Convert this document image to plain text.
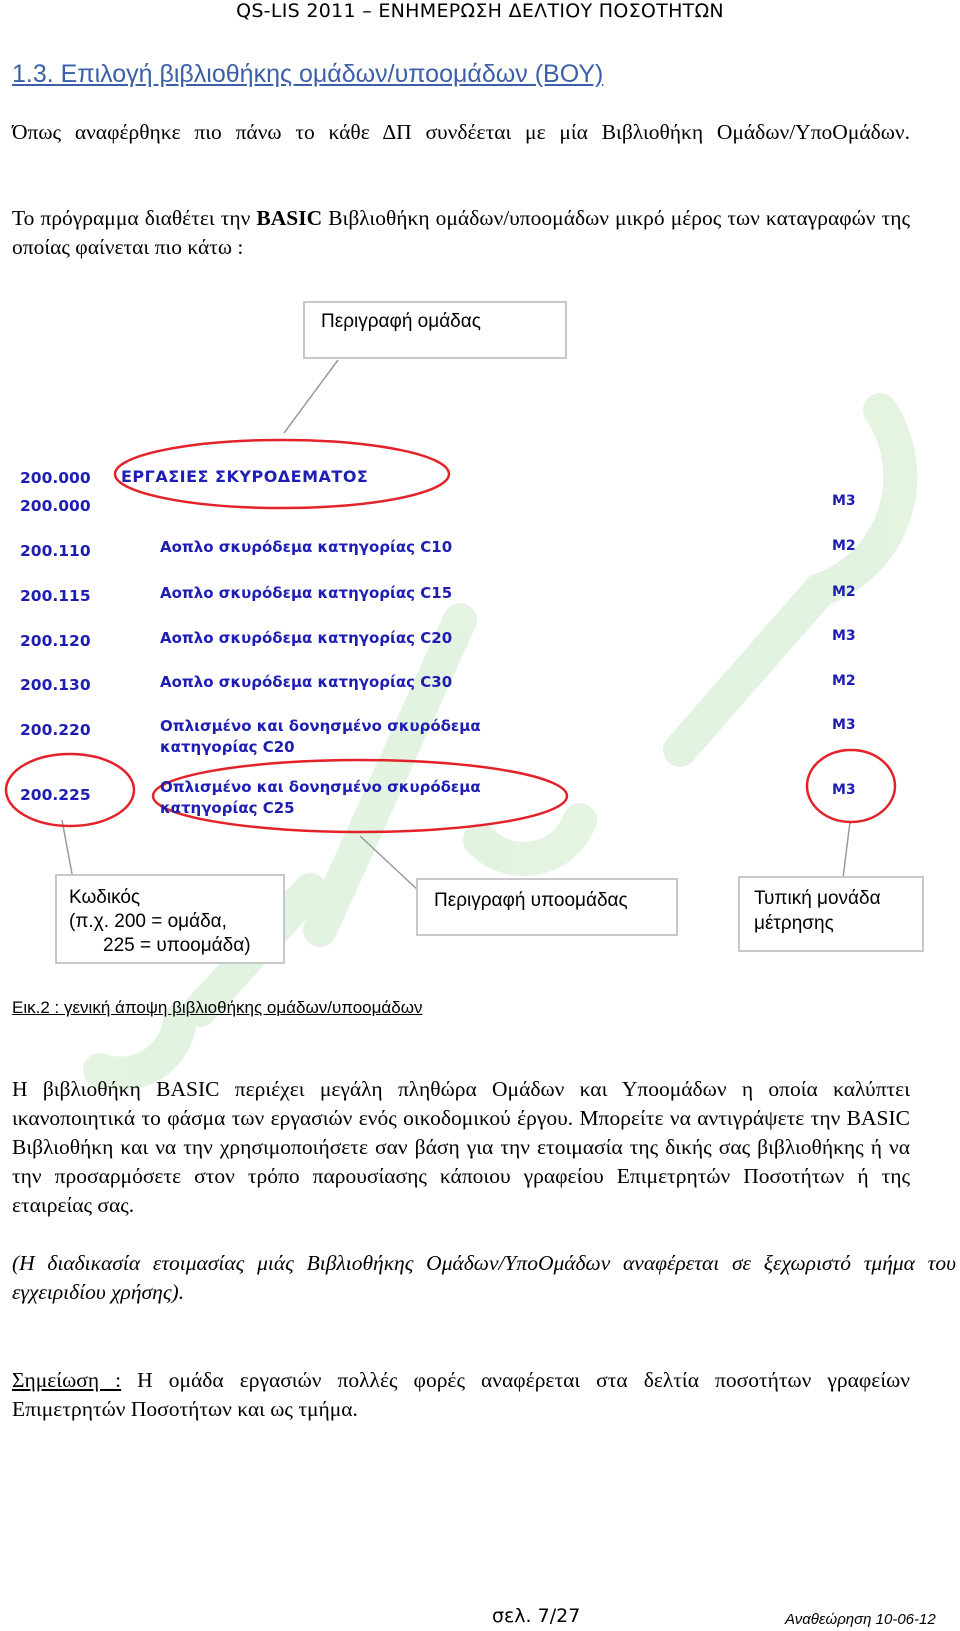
QS-LIS 2011 – ΕΝΗΜΕΡΩΣΗ ΔΕΛΤΙΟΥ ΠΟΣΟΤΗΤΩΝ
1.3. Επιλογή βιβλιοθήκης ομάδων/υποομάδων (ΒΟΥ)
Όπως αναφέρθηκε πιο πάνω το κάθε ΔΠ συνδέεται με μία Βιβλιοθήκη Ομάδων/ΥποΟμάδων.
Το πρόγραμμα διαθέτει την BASIC Βιβλιοθήκη ομάδων/υποομάδων μικρό μέρος των καταγραφών της οποίας φαίνεται πιο κάτω :
Περιγραφή ομάδας
200.000 ΕΡΓΑΣΙΕΣ ΣΚΥΡΟΔΕΜΑΤΟΣ
200.000	M3
200.110	Αοπλο σκυρόδεμα κατηγορίας C10	M2
200.115	Αοπλο σκυρόδεμα κατηγορίας C15	M2
200.120	Αοπλο σκυρόδεμα κατηγορίας C20	M3
200.130	Αοπλο σκυρόδεμα κατηγορίας C30	M2
200.220	Οπλισμένο και δονησμένο σκυρόδεμα
κατηγορίας C20
M3
200.225	Οπλισμένο και δονησμένο σκυρόδεμα
κατηγορίας C25
M3
Κωδικός
(π.χ. 200 = ομάδα,
225 = υποομάδα)
Περιγραφή υποομάδας	Τυπική μονάδα
μέτρησης
Εικ.2 : γενική άποψη βιβλιοθήκης ομάδων/υποομάδων
Η βιβλιοθήκη BASIC περιέχει μεγάλη πληθώρα Ομάδων και Υποομάδων η οποία καλύπτει ικανοποιητικά το φάσμα των εργασιών ενός οικοδομικού έργου. Μπορείτε να αντιγράψετε την BASIC Βιβλιοθήκη και να την χρησιμοποιήσετε σαν βάση για την ετοιμασία της δικής σας βιβλιοθήκης ή να την προσαρμόσετε στον τρόπο παρουσίασης κάποιου γραφείου Επιμετρητών Ποσοτήτων ή της εταιρείας σας.
(Η διαδικασία ετοιμασίας μιάς Βιβλιοθήκης Ομάδων/ΥποΟμάδων αναφέρεται σε ξεχωριστό τμήμα του εγχειριδίου χρήσης).
Σημείωση : Η ομάδα εργασιών πολλές φορές αναφέρεται στα δελτία ποσοτήτων γραφείων Επιμετρητών Ποσοτήτων και ως τμήμα.
σελ. 7/27	Αναθεώρηση 10-06-12
